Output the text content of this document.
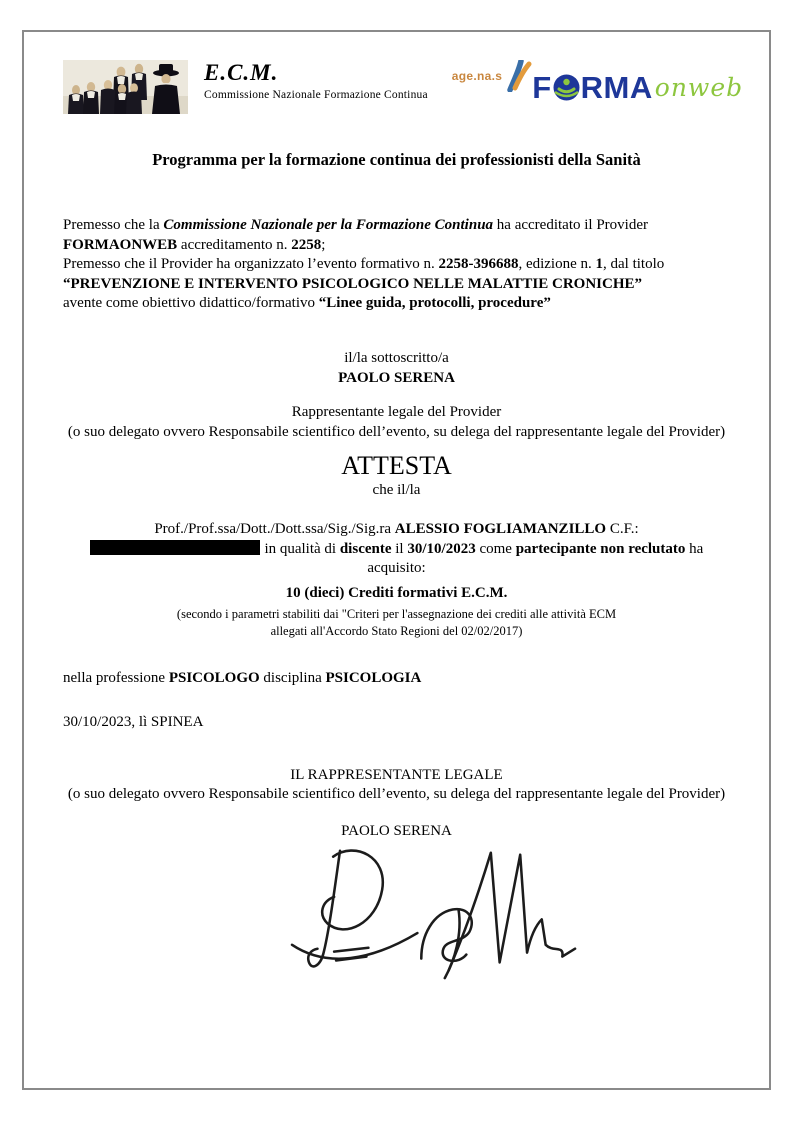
E.C.M.
Commissione Nazionale Formazione Continua
age.na.s F RMA onweb
Programma per la formazione continua dei professionisti della Sanità
Premesso che la Commissione Nazionale per la Formazione Continua ha accreditato il Provider
FORMAONWEB accreditamento n. 2258;
Premesso che il Provider ha organizzato l’evento formativo n. 2258-396688, edizione n. 1, dal titolo
“PREVENZIONE E INTERVENTO PSICOLOGICO NELLE MALATTIE CRONICHE”
avente come obiettivo didattico/formativo “Linee guida, protocolli, procedure”
il/la sottoscritto/a
PAOLO SERENA
Rappresentante legale del Provider
(o suo delegato ovvero Responsabile scientifico dell’evento, su delega del rappresentante legale del Provider)
ATTESTA
che il/la
Prof./Prof.ssa/Dott./Dott.ssa/Sig./Sig.ra ALESSIO FOGLIAMANZILLO C.F.:
in qualità di discente il 30/10/2023 come partecipante non reclutato ha
acquisito:
10 (dieci) Crediti formativi E.C.M.
(secondo i parametri stabiliti dai "Criteri per l'assegnazione dei crediti alle attività ECM
allegati all'Accordo Stato Regioni del 02/02/2017)
nella professione PSICOLOGO disciplina PSICOLOGIA
30/10/2023, lì SPINEA
IL RAPPRESENTANTE LEGALE
(o suo delegato ovvero Responsabile scientifico dell’evento, su delega del rappresentante legale del Provider)
PAOLO SERENA
